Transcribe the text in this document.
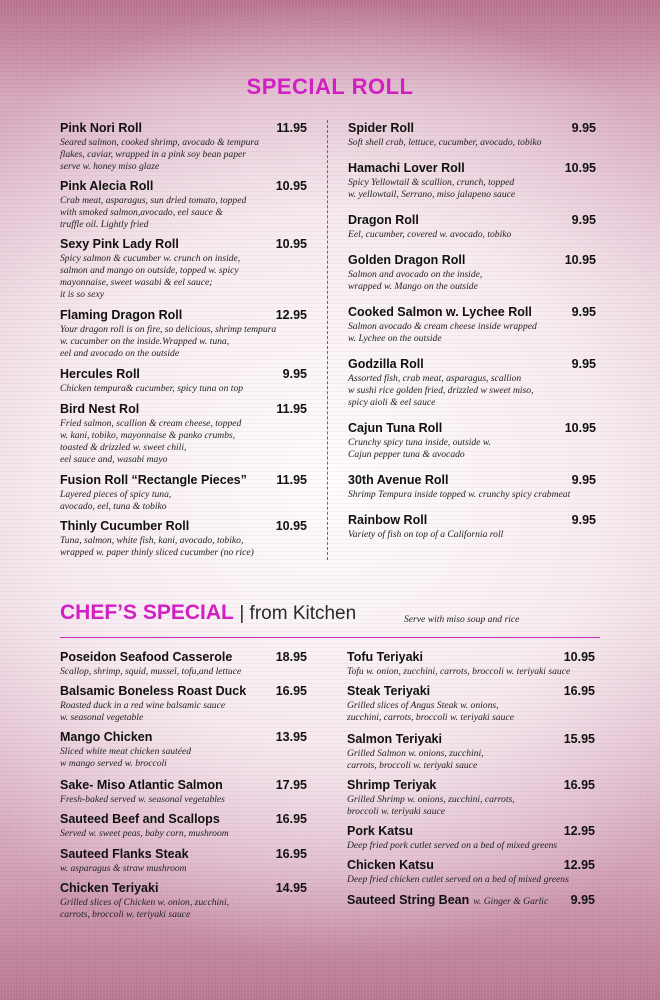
SPECIAL ROLL
Pink Nori Roll	11.95
Seared salmon, cooked shrimp, avocado & tempura
flakes, caviar, wrapped in a pink soy bean paper
serve w. honey miso glaze
Pink Alecia Roll	10.95
Crab meat, asparagus, sun dried tomato, topped
with smoked salmon,avocado, eel sauce &
truffle oil. Lightly fried
Sexy Pink Lady Roll	10.95
Spicy salmon & cucumber w. crunch on inside,
salmon and mango on outside, topped w. spicy
mayonnaise, sweet wasabi & eel sauce;
it is so sexy
Flaming Dragon Roll	12.95
Your dragon roll is on fire, so delicious, shrimp tempura
w. cucumber on the inside.Wrapped w. tuna,
eel and avocado on the outside
Hercules Roll	9.95
Chicken tempura& cucumber, spicy tuna on top
Bird Nest Rol	11.95
Fried salmon, scallion & cream cheese, topped
w. kani, tobiko, mayonnaise & panko crumbs,
toasted & drizzled w. sweet chili,
eel sauce and, wasabi mayo
Fusion Roll “Rectangle Pieces” 11.95
Layered pieces of spicy tuna,
avocado, eel, tuna & tobiko
Thinly Cucumber Roll	10.95
Tuna, salmon, white fish, kani, avocado, tobiko,
wrapped w. paper thinly sliced cucumber (no rice)
Spider Roll	9.95
Soft shell crab, lettuce, cucumber, avocado, tobiko
Hamachi Lover Roll	10.95
Spicy Yellowtail & scallion, crunch, topped
w. yellowtail, Serrano, miso jalapeno sauce
Dragon Roll	9.95
Eel, cucumber, covered w. avocado, tobiko
Golden Dragon Roll	10.95
Salmon and avocado on the inside,
wrapped w. Mango on the outside
Cooked Salmon w. Lychee Roll	9.95
Salmon avocado & cream cheese inside wrapped
w. Lychee on the outside
Godzilla Roll	9.95
Assorted fish, crab meat, asparagus, scallion
w sushi rice golden fried, drizzled w sweet miso,
spicy aioli & eel sauce
Cajun Tuna Roll	10.95
Crunchy spicy tuna inside, outside w.
Cajun pepper tuna & avocado
30th Avenue Roll	9.95
Shrimp Tempura inside topped w. crunchy spicy crabmeat
Rainbow Roll	9.95
Variety of fish on top of a California roll
CHEF’S SPECIAL | from Kitchen	Serve with miso soup and rice
Poseidon Seafood Casserole	18.95
Scallop, shrimp, squid, mussel, tofu,and lettuce
Balsamic Boneless Roast Duck 16.95
Roasted duck in a red wine balsamic sauce
w. seasonal vegetable
Mango Chicken	13.95
Sliced white meat chicken sautéed
w mango served w. broccoli
Sake- Miso Atlantic Salmon	17.95
Fresh-baked served w. seasonal vegetables
Sauteed Beef and Scallops	16.95
Served w. sweet peas, baby corn, mushroom
Sauteed Flanks Steak	16.95
w. asparagus & straw mushroom
Chicken Teriyaki	14.95
Grilled slices of Chicken w. onion, zucchini,
carrots, broccoli w. teriyaki sauce
Tofu Teriyaki	10.95
Tofu w. onion, zucchini, carrots, broccoli w. teriyaki sauce
Steak Teriyaki	16.95
Grilled slices of Angus Steak w. onions,
zucchini, carrots, broccoli w. teriyaki sauce
Salmon Teriyaki	15.95
Grilled Salmon w. onions, zucchini,
carrots, broccoli w. teriyaki sauce
Shrimp Teriyak	16.95
Grilled Shrimp w. onions, zucchini, carrots,
broccoli w. teriyaki sauce
Pork Katsu	12.95
Deep fried pork cutlet served on a bed of mixed greens
Chicken Katsu	12.95
Deep fried chicken cutlet served on a bed of mixed greens
Sauteed String Bean w. Ginger & Garlic 9.95
